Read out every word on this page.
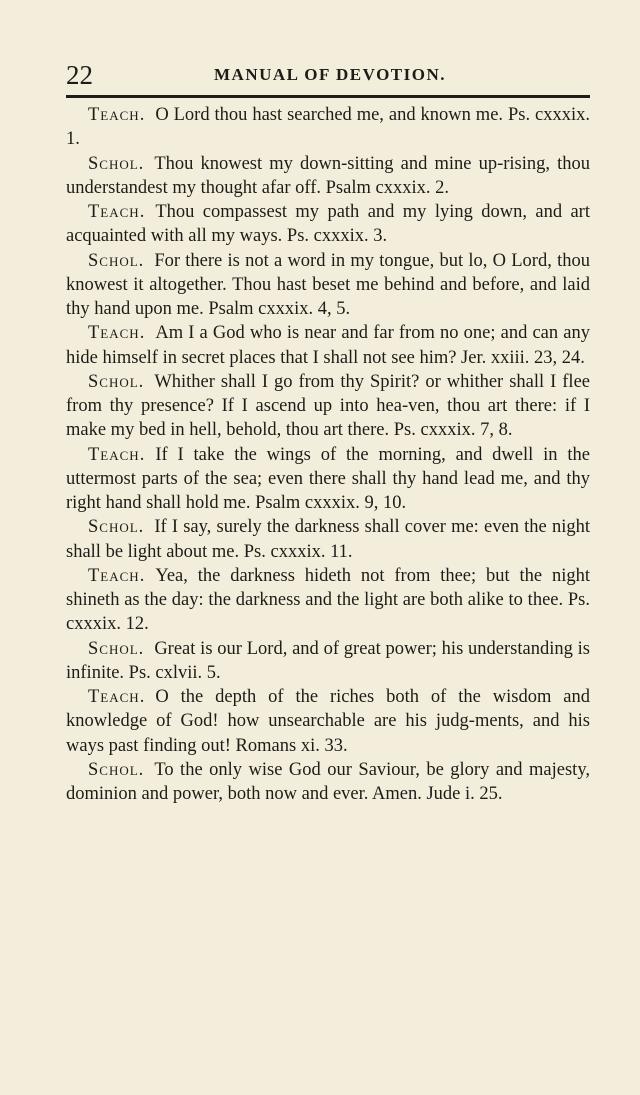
22	MANUAL OF DEVOTION.

Teach. O Lord thou hast searched me, and known me. Ps. cxxxix. 1.

Schol. Thou knowest my down-sitting and mine up-rising, thou understandest my thought afar off. Psalm cxxxix. 2.

Teach. Thou compassest my path and my lying down, and art acquainted with all my ways. Ps. cxxxix. 3.

Schol. For there is not a word in my tongue, but lo, O Lord, thou knowest it altogether. Thou hast beset me behind and before, and laid thy hand upon me. Psalm cxxxix. 4, 5.

Teach. Am I a God who is near and far from no one; and can any hide himself in secret places that I shall not see him? Jer. xxiii. 23, 24.

Schol. Whither shall I go from thy Spirit? or whither shall I flee from thy presence? If I ascend up into hea-ven, thou art there: if I make my bed in hell, behold, thou art there. Ps. cxxxix. 7, 8.

Teach. If I take the wings of the morning, and dwell in the uttermost parts of the sea; even there shall thy hand lead me, and thy right hand shall hold me. Psalm cxxxix. 9, 10.

Schol. If I say, surely the darkness shall cover me: even the night shall be light about me. Ps. cxxxix. 11.

Teach. Yea, the darkness hideth not from thee; but the night shineth as the day: the darkness and the light are both alike to thee. Ps. cxxxix. 12.

Schol. Great is our Lord, and of great power; his understanding is infinite. Ps. cxlvii. 5.

Teach. O the depth of the riches both of the wisdom and knowledge of God! how unsearchable are his judg-ments, and his ways past finding out! Romans xi. 33.

Schol. To the only wise God our Saviour, be glory and majesty, dominion and power, both now and ever. Amen. Jude i. 25.
